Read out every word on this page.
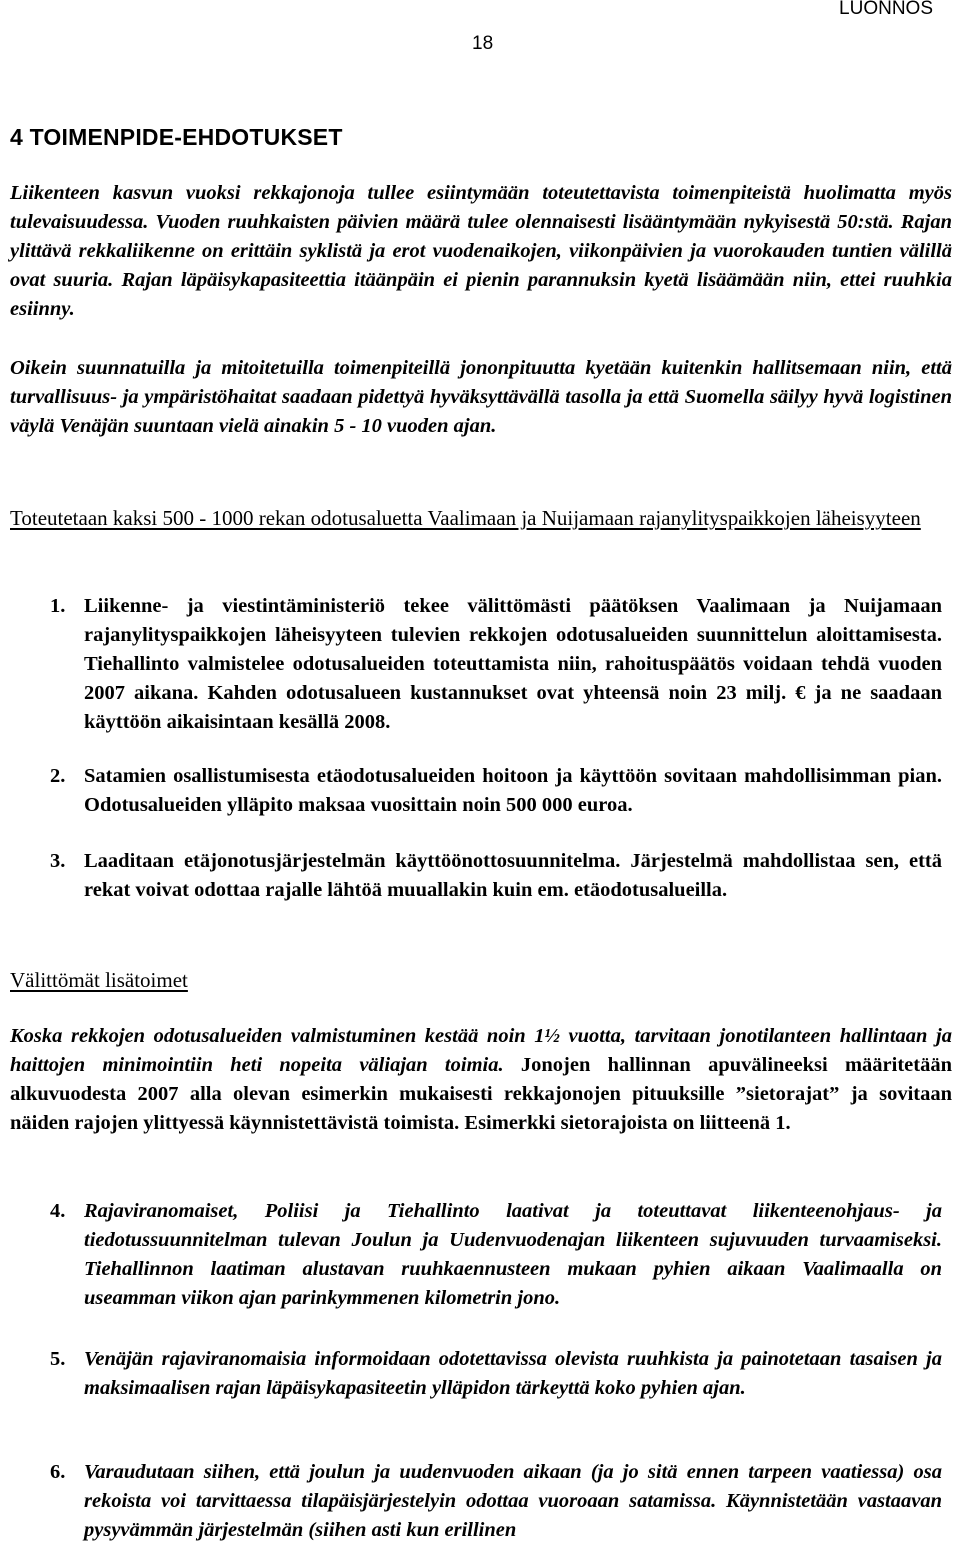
LUONNOS
18
4 TOIMENPIDE-EHDOTUKSET
Liikenteen kasvun vuoksi rekkajonoja tullee esiintymään toteutettavista toimenpiteistä huolimatta myös tulevaisuudessa. Vuoden ruuhkaisten päivien määrä tulee olennaisesti lisääntymään nykyisestä 50:stä. Rajan ylittävä rekkaliikenne on erittäin syklistä ja erot vuodenaikojen, viikonpäivien ja vuorokauden tuntien välillä ovat suuria. Rajan läpäisykapasiteettia itäänpäin ei pienin parannuksin kyetä lisäämään niin, ettei ruuhkia esiinny.
Oikein suunnatuilla ja mitoitetuilla toimenpiteillä jononpituutta kyetään kuitenkin hallitsemaan niin, että turvallisuus- ja ympäristöhaitat saadaan pidettyä hyväksyttävällä tasolla ja että Suomella säilyy hyvä logistinen väylä Venäjän suuntaan vielä ainakin 5 - 10 vuoden ajan.
Toteutetaan kaksi 500 - 1000 rekan odotusaluetta Vaalimaan ja Nuijamaan rajanylityspaikkojen läheisyyteen
1. Liikenne- ja viestintäministeriö tekee välittömästi päätöksen Vaalimaan ja Nuijamaan rajanylityspaikkojen läheisyyteen tulevien rekkojen odotusalueiden suunnittelun aloittamisesta. Tiehallinto valmistelee odotusalueiden toteuttamista niin, rahoituspäätös voidaan tehdä vuoden 2007 aikana. Kahden odotusalueen kustannukset ovat yhteensä noin 23 milj. € ja ne saadaan käyttöön aikaisintaan kesällä 2008.
2. Satamien osallistumisesta etäodotusalueiden hoitoon ja käyttöön sovitaan mahdollisimman pian. Odotusalueiden ylläpito maksaa vuosittain noin 500 000 euroa.
3. Laaditaan etäjonotusjärjestelmän käyttöönottosuunnitelma. Järjestelmä mahdollistaa sen, että rekat voivat odottaa rajalle lähtöä muuallakin kuin em. etäodotusalueilla.
Välittömät lisätoimet
Koska rekkojen odotusalueiden valmistuminen kestää noin 1½ vuotta, tarvitaan jonotilanteen hallintaan ja haittojen minimointiin heti nopeita väliajan toimia. Jonojen hallinnan apuvälineeksi määritetään alkuvuodesta 2007 alla olevan esimerkin mukaisesti rekkajonojen pituuksille ”sietorajat” ja sovitaan näiden rajojen ylittyessä käynnistettävistä toimista. Esimerkki sietorajoista on liitteenä 1.
4. Rajaviranomaiset, Poliisi ja Tiehallinto laativat ja toteuttavat liikenteenohjaus- ja tiedotussuunnitelman tulevan Joulun ja Uudenvuodenajan liikenteen sujuvuuden turvaamiseksi. Tiehallinnon laatiman alustavan ruuhkaennusteen mukaan pyhien aikaan Vaalimaalla on useamman viikon ajan parinkymmenen kilometrin jono.
5. Venäjän rajaviranomaisia informoidaan odotettavissa olevista ruuhkista ja painotetaan tasaisen ja maksimaalisen rajan läpäisykapasiteetin ylläpidon tärkeyttä koko pyhien ajan.
6. Varaudutaan siihen, että joulun ja uudenvuoden aikaan (ja jo sitä ennen tarpeen vaatiessa) osa rekoista voi tarvittaessa tilapäisjärjestelyin odottaa vuoroaan satamissa. Käynnistetään vastaavan pysyvämmän järjestelmän (siihen asti kun erillinen
